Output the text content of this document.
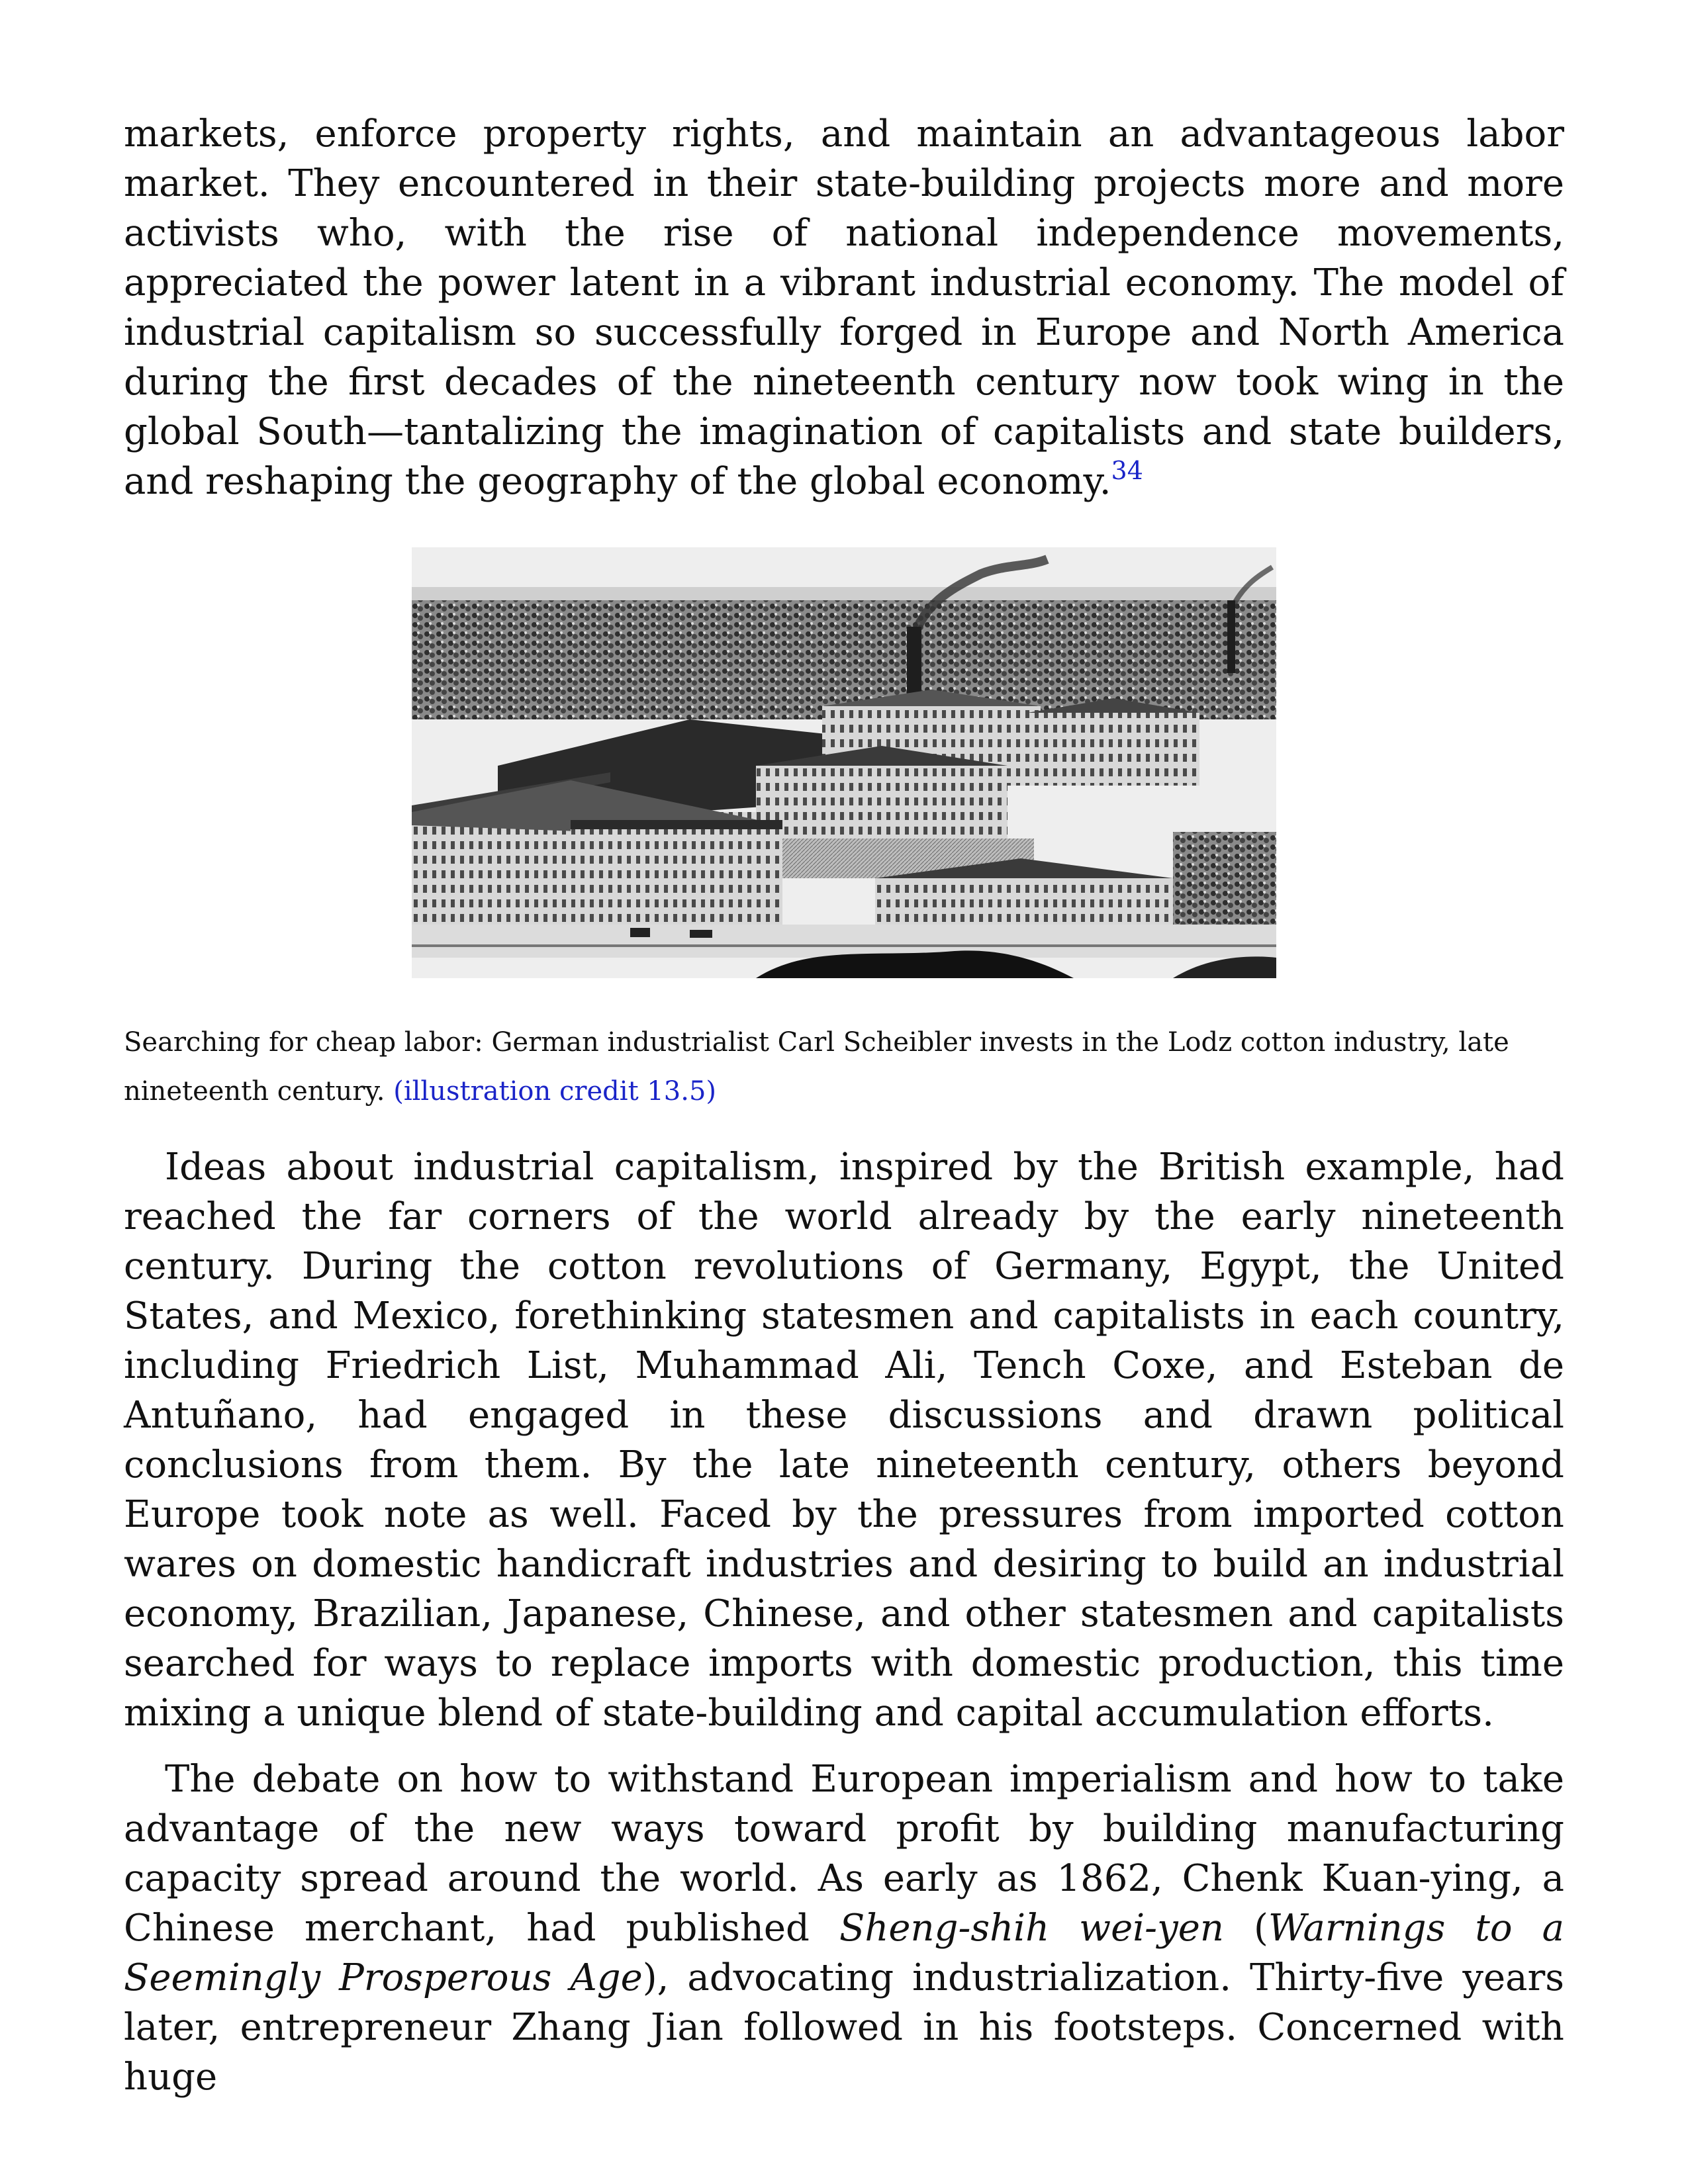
markets, enforce property rights, and maintain an advantageous labor market. They encountered in their state-building projects more and more activists who, with the rise of national independence movements, appreciated the power latent in a vibrant industrial economy. The model of industrial capitalism so successfully forged in Europe and North America during the first decades of the nineteenth century now took wing in the global South—tantalizing the imagination of capitalists and state builders, and reshaping the geography of the global economy.$^{34}$

Searching for cheap labor: German industrialist Carl Scheibler invests in the Lodz cotton industry, late nineteenth century. (illustration credit 13.5)

Ideas about industrial capitalism, inspired by the British example, had reached the far corners of the world already by the early nineteenth century. During the cotton revolutions of Germany, Egypt, the United States, and Mexico, forethinking statesmen and capitalists in each country, including Friedrich List, Muhammad Ali, Tench Coxe, and Esteban de Antuñano, had engaged in these discussions and drawn political conclusions from them. By the late nineteenth century, others beyond Europe took note as well. Faced by the pressures from imported cotton wares on domestic handicraft industries and desiring to build an industrial economy, Brazilian, Japanese, Chinese, and other statesmen and capitalists searched for ways to replace imports with domestic production, this time mixing a unique blend of state-building and capital accumulation efforts.

The debate on how to withstand European imperialism and how to take advantage of the new ways toward profit by building manufacturing capacity spread around the world. As early as 1862, Chenk Kuan-ying, a Chinese merchant, had published Sheng-shih wei-yen (Warnings to a Seemingly Prosperous Age), advocating industrialization. Thirty-five years later, entrepreneur Zhang Jian followed in his footsteps. Concerned with huge
